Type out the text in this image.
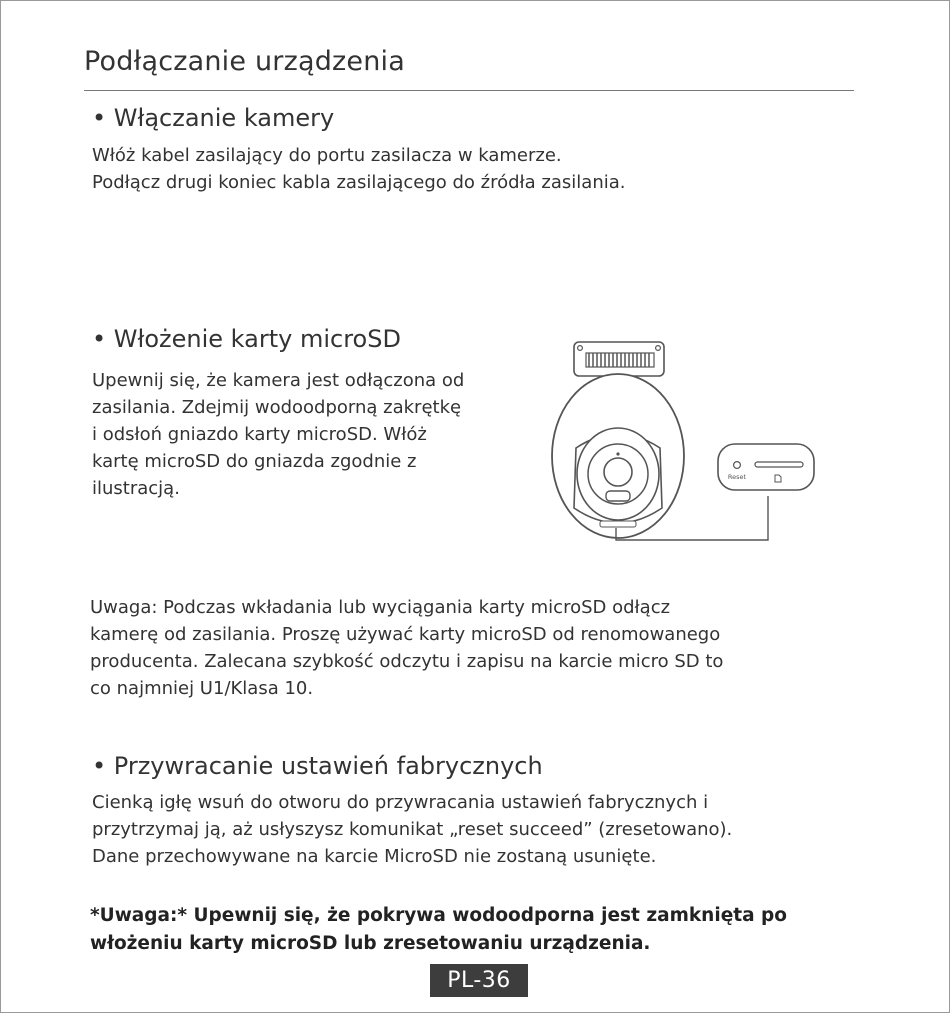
Podłączanie urządzenia
• Włączanie kamery
Włóż kabel zasilający do portu zasilacza w kamerze.
Podłącz drugi koniec kabla zasilającego do źródła zasilania.
• Włożenie karty microSD
Upewnij się, że kamera jest odłączona od
zasilania. Zdejmij wodoodporną zakrętkę
i odsłoń gniazdo karty microSD. Włóż
kartę microSD do gniazda zgodnie z
ilustracją.
Reset
Uwaga: Podczas wkładania lub wyciągania karty microSD odłącz
kamerę od zasilania. Proszę używać karty microSD od renomowanego
producenta. Zalecana szybkość odczytu i zapisu na karcie micro SD to
co najmniej U1/Klasa 10.
• Przywracanie ustawień fabrycznych
Cienką igłę wsuń do otworu do przywracania ustawień fabrycznych i
przytrzymaj ją, aż usłyszysz komunikat „reset succeed” (zresetowano).
Dane przechowywane na karcie MicroSD nie zostaną usunięte.
*Uwaga:* Upewnij się, że pokrywa wodoodporna jest zamknięta po
włożeniu karty microSD lub zresetowaniu urządzenia.
PL-36
